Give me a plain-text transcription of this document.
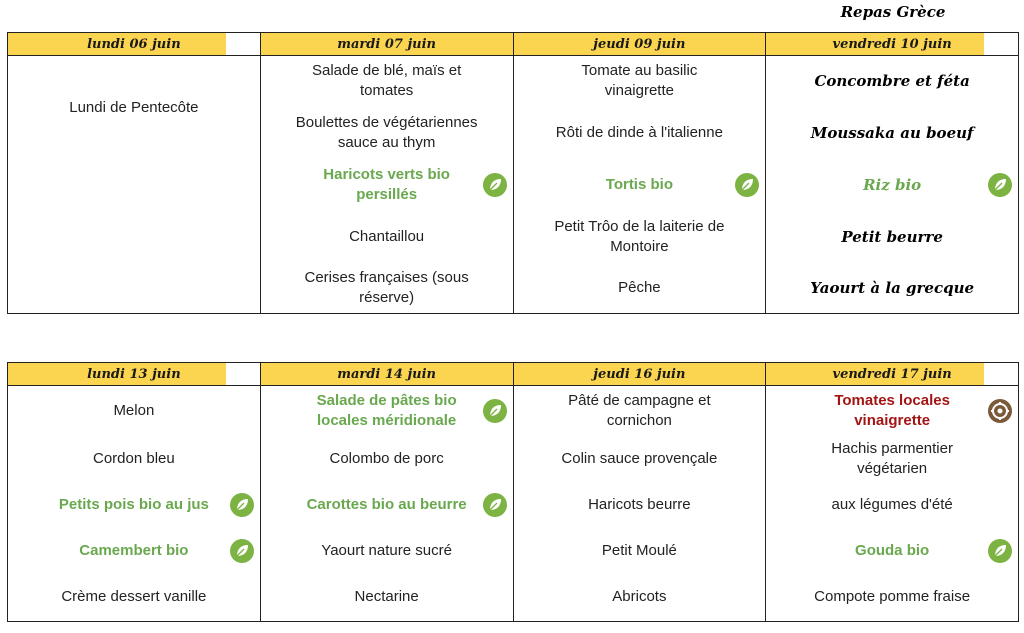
Repas Grèce
lundi 06 juin	mardi 07 juin	jeudi 09 juin	vendredi 10 juin

Lundi de Pentecôte	Salade de blé, maïs et tomates	Tomate au basilic vinaigrette	Concombre et féta

	Boulettes de végétariennes sauce au thym	Rôti de dinde à l'italienne	Moussaka au boeuf

	Haricots verts bio persillés	Tortis bio	Riz bio

	Chantaillou	Petit Trôo de la laiterie de Montoire	Petit beurre

	Cerises françaises (sous réserve)	Pêche	Yaourt à la grecque
lundi 13 juin	mardi 14 juin	jeudi 16 juin	vendredi 17 juin

Melon	Salade de pâtes bio locales méridionale	Pâté de campagne et cornichon	Tomates locales vinaigrette

Cordon bleu	Colombo de porc	Colin sauce provençale	Hachis parmentier végétarien

Petits pois bio au jus	Carottes bio au beurre	Haricots beurre	aux légumes d'été

Camembert bio	Yaourt nature sucré	Petit Moulé	Gouda bio

Crème dessert vanille	Nectarine	Abricots	Compote pomme fraise
